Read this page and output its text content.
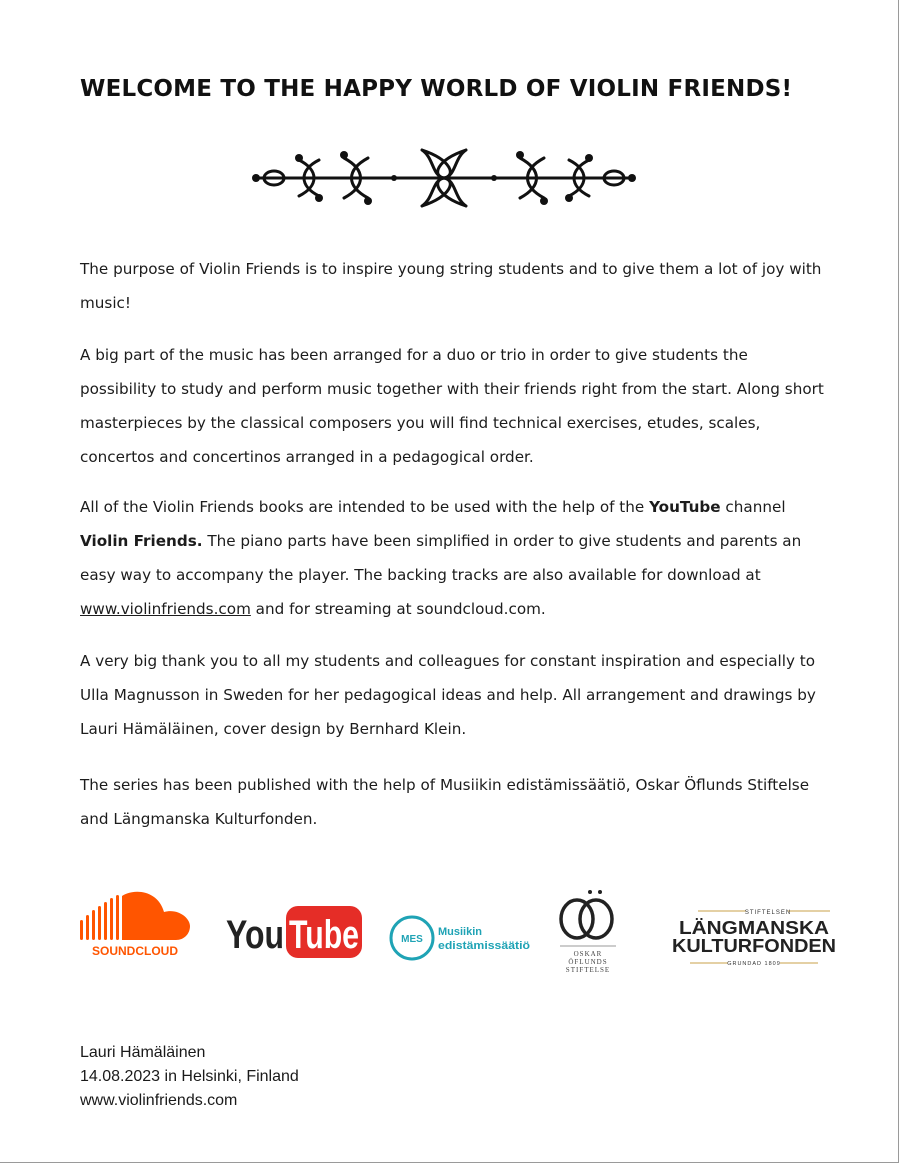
WELCOME TO THE HAPPY WORLD OF VIOLIN FRIENDS!
The purpose of Violin Friends is to inspire young string students and to give them a lot of joy with music!
A big part of the music has been arranged for a duo or trio in order to give students the possibility to study and perform music together with their friends right from the start. Along short masterpieces by the classical composers you will find technical exercises, etudes, scales, concertos and concertinos arranged in a pedagogical order.
All of the Violin Friends books are intended to be used with the help of the YouTube channel Violin Friends. The piano parts have been simplified in order to give students and parents an easy way to accompany the player. The backing tracks are also available for download at www.violinfriends.com and for streaming at soundcloud.com.
A very big thank you to all my students and colleagues for constant inspiration and especially to Ulla Magnusson in Sweden for her pedagogical ideas and help. All arrangement and drawings by Lauri Hämäläinen, cover design by Bernhard Klein.
The series has been published with the help of Musiikin edistämissäätiö, Oskar Öflunds Stiftelse and Längmanska Kulturfonden.
SOUNDCLOUD You Tube	MES
Musiikin
edistämissäätiö
OSKAR
ÖFLUNDS
STIFTELSE
STIFTELSEN
LÄNGMANSKA
KULTURFONDEN
GRUNDAD 1809
Lauri Hämäläinen
14.08.2023 in Helsinki, Finland
www.violinfriends.com
